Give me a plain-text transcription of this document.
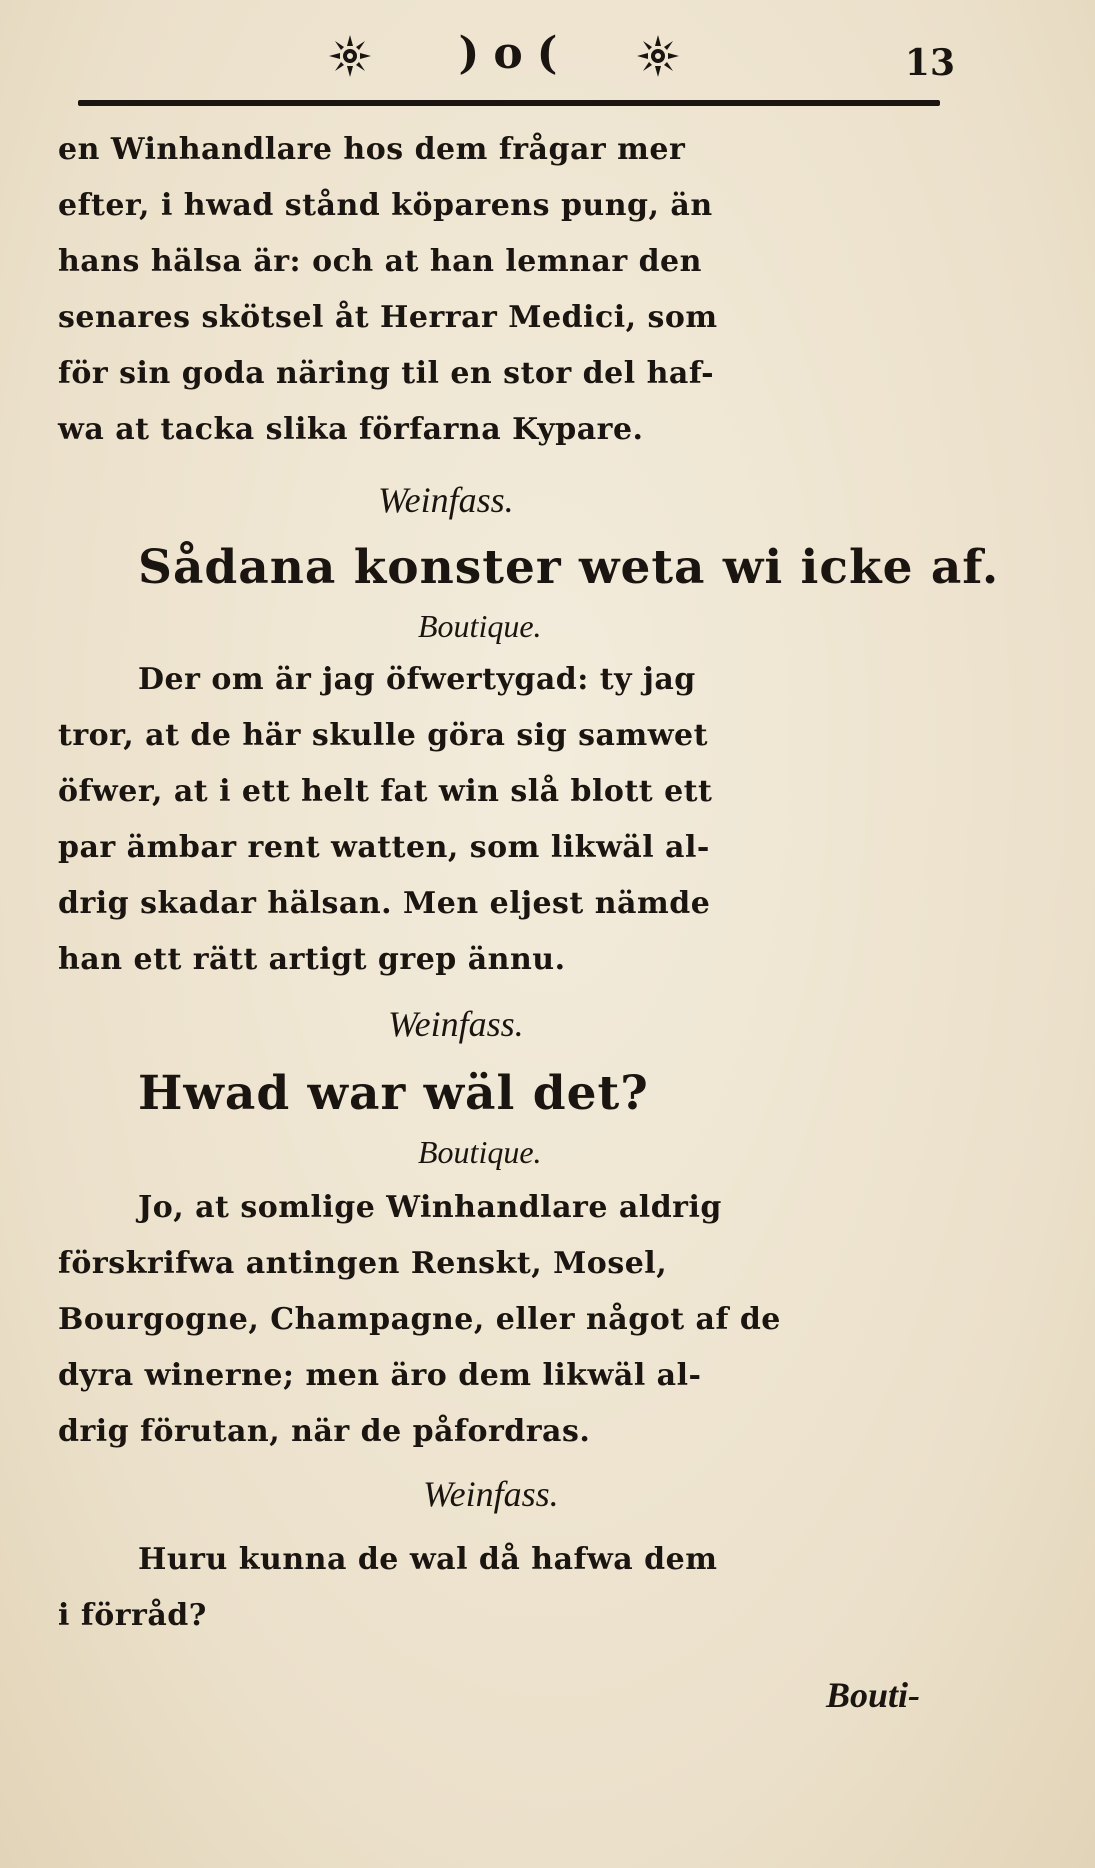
)o(	13

en Winhandlare hos dem frågar mer
efter, i hwad stånd köparens pung, än
hans hälsa är: och at han lemnar den
senares skötsel åt Herrar Medici, som
för sin goda näring til en stor del haf-
wa at tacka slika förfarna Kypare.

Weinfass.

Sådana konster weta wi icke af.

Boutique.

Der om är jag öfwertygad: ty jag
tror, at de här skulle göra sig samwet
öfwer, at i ett helt fat win slå blott ett
par ämbar rent watten, som likwäl al-
drig skadar hälsan. Men eljest nämde
han ett rätt artigt grep ännu.

Weinfass.

Hwad war wäl det?

Boutique.

Jo, at somlige Winhandlare aldrig
förskrifwa antingen Renskt, Mosel,
Bourgogne, Champagne, eller något af de
dyra winerne; men äro dem likwäl al-
drig förutan, när de påfordras.

Weinfass.

Huru kunna de wal då hafwa dem
i förråd?

Bouti-
